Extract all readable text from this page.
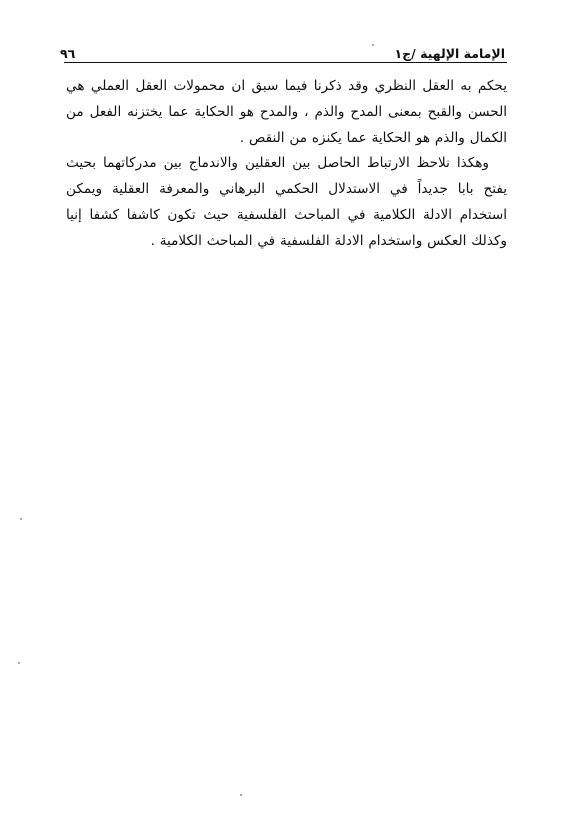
الإمامة الإلهية /ج١
٩٦

يحكم به العقل النظري وقد ذكرنا فيما سبق ان محمولات العقل العملي هي الحسن والقبح بمعنى المدح والذم ، والمدح هو الحكاية عما يختزنه الفعل من الكمال والذم هو الحكاية عما يكنزه من النقص .

وهكذا نلاحظ الارتباط الحاصل بين العقلين والاندماج بين مدركاتهما بحيث يفتح بابا جديداً في الاستدلال الحكمي البرهاني والمعرفة العقلية ويمكن استخدام الادلة الكلامية في المباحث الفلسفية حيث تكون كاشفا كشفا إنيا وكذلك العكس واستخدام الادلة الفلسفية في المباحث الكلامية .
